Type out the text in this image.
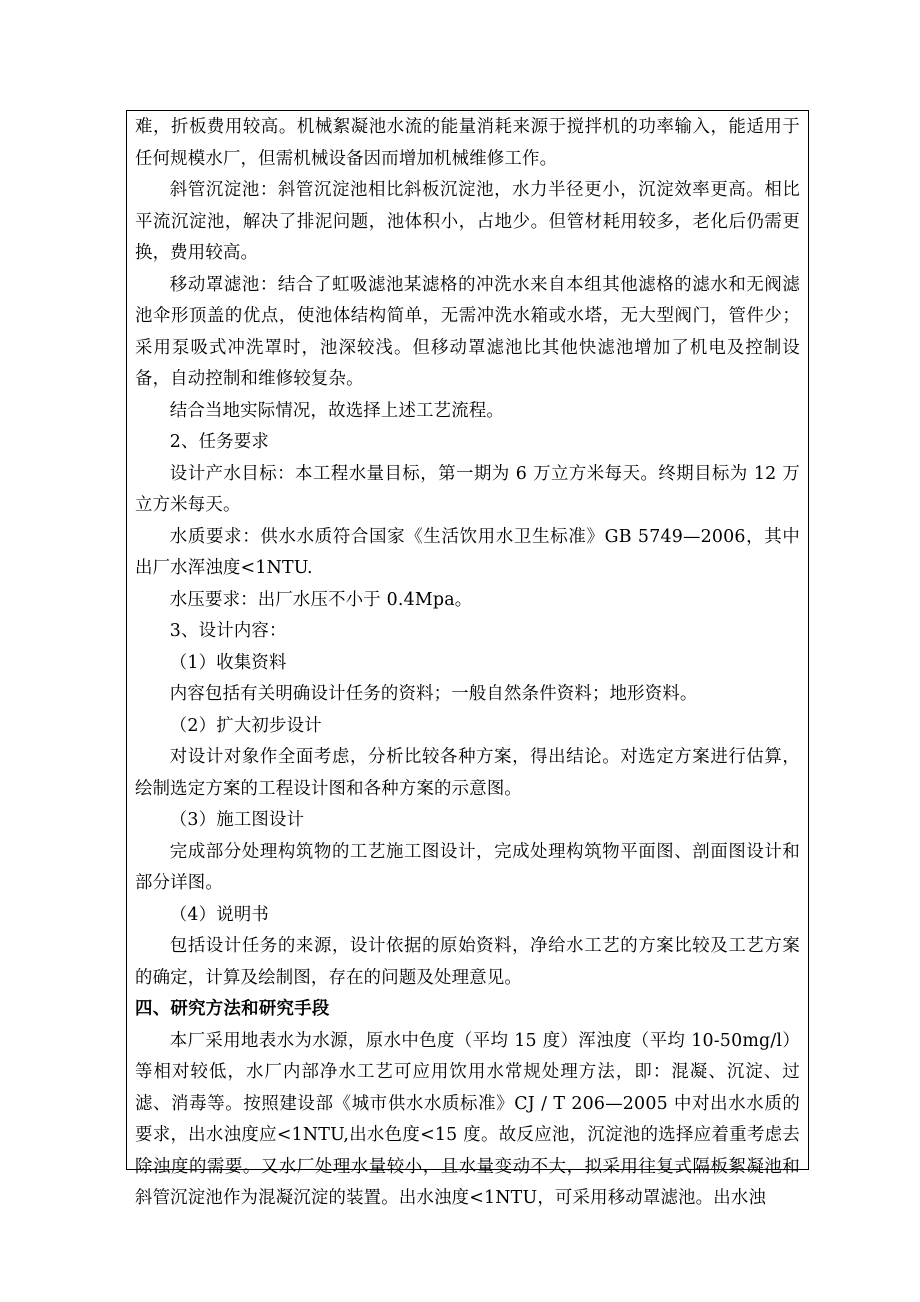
难，折板费用较高。机械絮凝池水流的能量消耗来源于搅拌机的功率输入，能适用于任何规模水厂，但需机械设备因而增加机械维修工作。

斜管沉淀池：斜管沉淀池相比斜板沉淀池，水力半径更小，沉淀效率更高。相比平流沉淀池，解决了排泥问题，池体积小，占地少。但管材耗用较多，老化后仍需更换，费用较高。

移动罩滤池：结合了虹吸滤池某滤格的冲洗水来自本组其他滤格的滤水和无阀滤池伞形顶盖的优点，使池体结构简单，无需冲洗水箱或水塔，无大型阀门，管件少；采用泵吸式冲洗罩时，池深较浅。但移动罩滤池比其他快滤池增加了机电及控制设备，自动控制和维修较复杂。

结合当地实际情况，故选择上述工艺流程。

2、任务要求

设计产水目标：本工程水量目标，第一期为 6 万立方米每天。终期目标为 12 万立方米每天。

水质要求：供水水质符合国家《生活饮用水卫生标准》GB 5749—2006，其中出厂水浑浊度<1NTU.

水压要求：出厂水压不小于 0.4Mpa。

3、设计内容：

（1）收集资料

内容包括有关明确设计任务的资料；一般自然条件资料；地形资料。

（2）扩大初步设计

对设计对象作全面考虑，分析比较各种方案，得出结论。对选定方案进行估算，绘制选定方案的工程设计图和各种方案的示意图。

（3）施工图设计

完成部分处理构筑物的工艺施工图设计，完成处理构筑物平面图、剖面图设计和部分详图。

（4）说明书

包括设计任务的来源，设计依据的原始资料，净给水工艺的方案比较及工艺方案的确定，计算及绘制图，存在的问题及处理意见。

四、研究方法和研究手段

本厂采用地表水为水源，原水中色度（平均 15 度）浑浊度（平均 10-50mg/l）等相对较低，水厂内部净水工艺可应用饮用水常规处理方法，即：混凝、沉淀、过滤、消毒等。按照建设部《城市供水水质标准》CJ / T 206—2005 中对出水水质的要求，出水浊度应<1NTU,出水色度<15 度。故反应池，沉淀池的选择应着重考虑去除浊度的需要。又水厂处理水量较小，且水量变动不大，拟采用往复式隔板絮凝池和斜管沉淀池作为混凝沉淀的装置。出水浊度<1NTU，可采用移动罩滤池。出水浊
